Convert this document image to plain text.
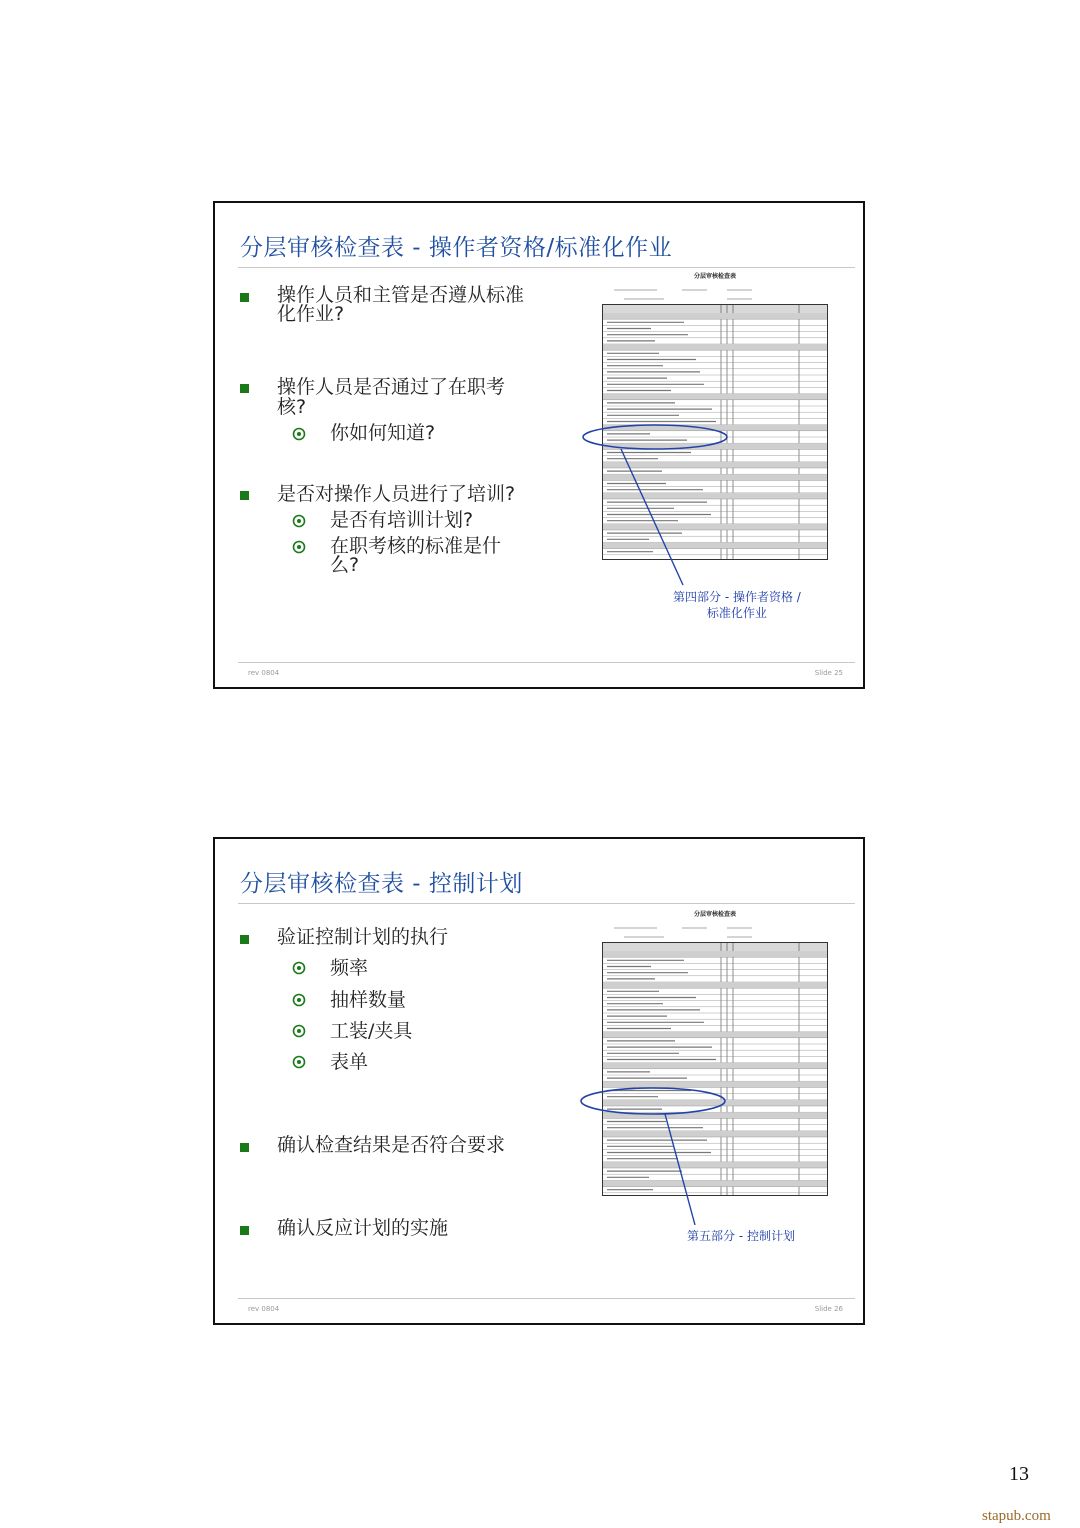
分层审核检查表 - 操作者资格/标准化作业
操作人员和主管是否遵从标准
化作业?
操作人员是否通过了在职考
核?
你如何知道?
是否对操作人员进行了培训?
是否有培训计划?
在职考核的标准是什
么?
分层审核检查表
第四部分 - 操作者资格 /
标准化作业
rev 0804	Slide 25
分层审核检查表 - 控制计划
验证控制计划的执行
频率
抽样数量
工装/夹具
表单
确认检查结果是否符合要求
确认反应计划的实施
分层审核检查表
第五部分 - 控制计划
rev 0804	Slide 26
13
stapub.com
